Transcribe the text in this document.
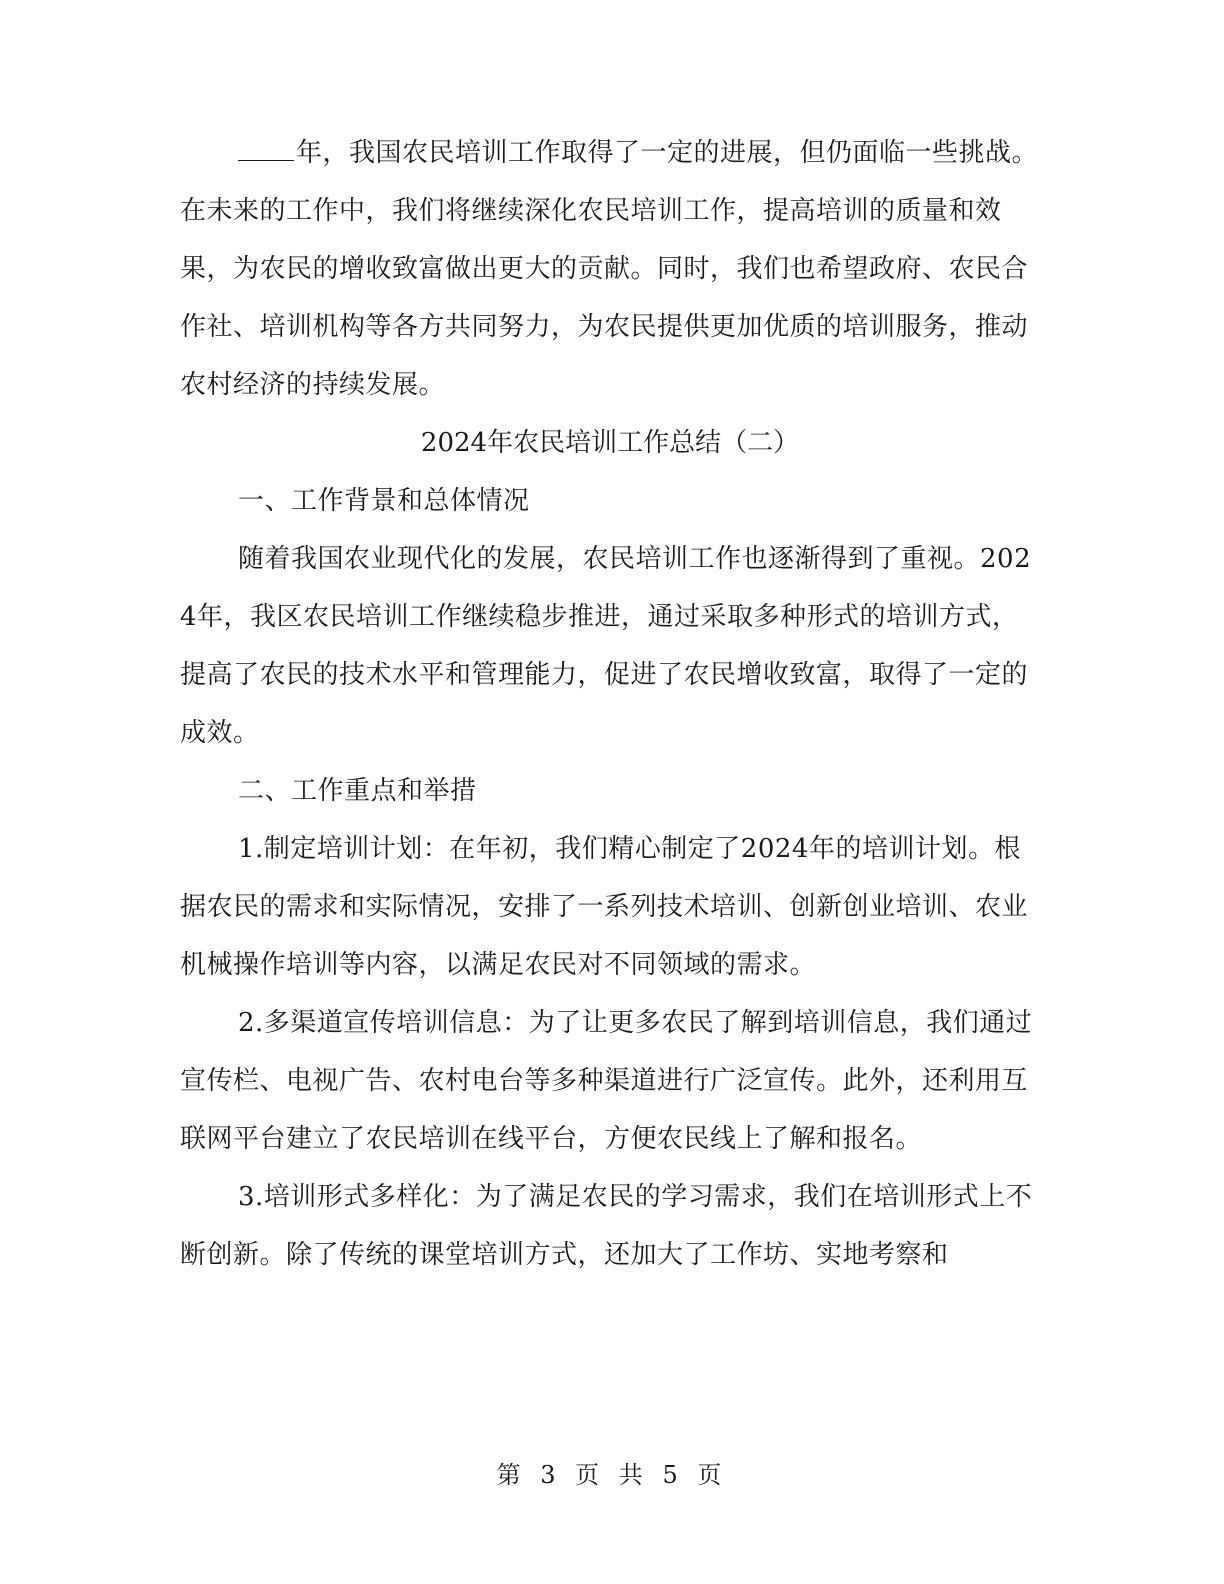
年，我国农民培训工作取得了一定的进展，但仍面临一些挑战。在未来的工作中，我们将继续深化农民培训工作，提高培训的质量和效果，为农民的增收致富做出更大的贡献。同时，我们也希望政府、农民合作社、培训机构等各方共同努力，为农民提供更加优质的培训服务，推动农村经济的持续发展。

2024年农民培训工作总结（二）

一、工作背景和总体情况

随着我国农业现代化的发展，农民培训工作也逐渐得到了重视。2024年，我区农民培训工作继续稳步推进，通过采取多种形式的培训方式，提高了农民的技术水平和管理能力，促进了农民增收致富，取得了一定的成效。

二、工作重点和举措

1.制定培训计划：在年初，我们精心制定了2024年的培训计划。根据农民的需求和实际情况，安排了一系列技术培训、创新创业培训、农业机械操作培训等内容，以满足农民对不同领域的需求。

2.多渠道宣传培训信息：为了让更多农民了解到培训信息，我们通过宣传栏、电视广告、农村电台等多种渠道进行广泛宣传。此外，还利用互联网平台建立了农民培训在线平台，方便农民线上了解和报名。

3.培训形式多样化：为了满足农民的学习需求，我们在培训形式上不断创新。除了传统的课堂培训方式，还加大了工作坊、实地考察和

第 3 页 共 5 页
